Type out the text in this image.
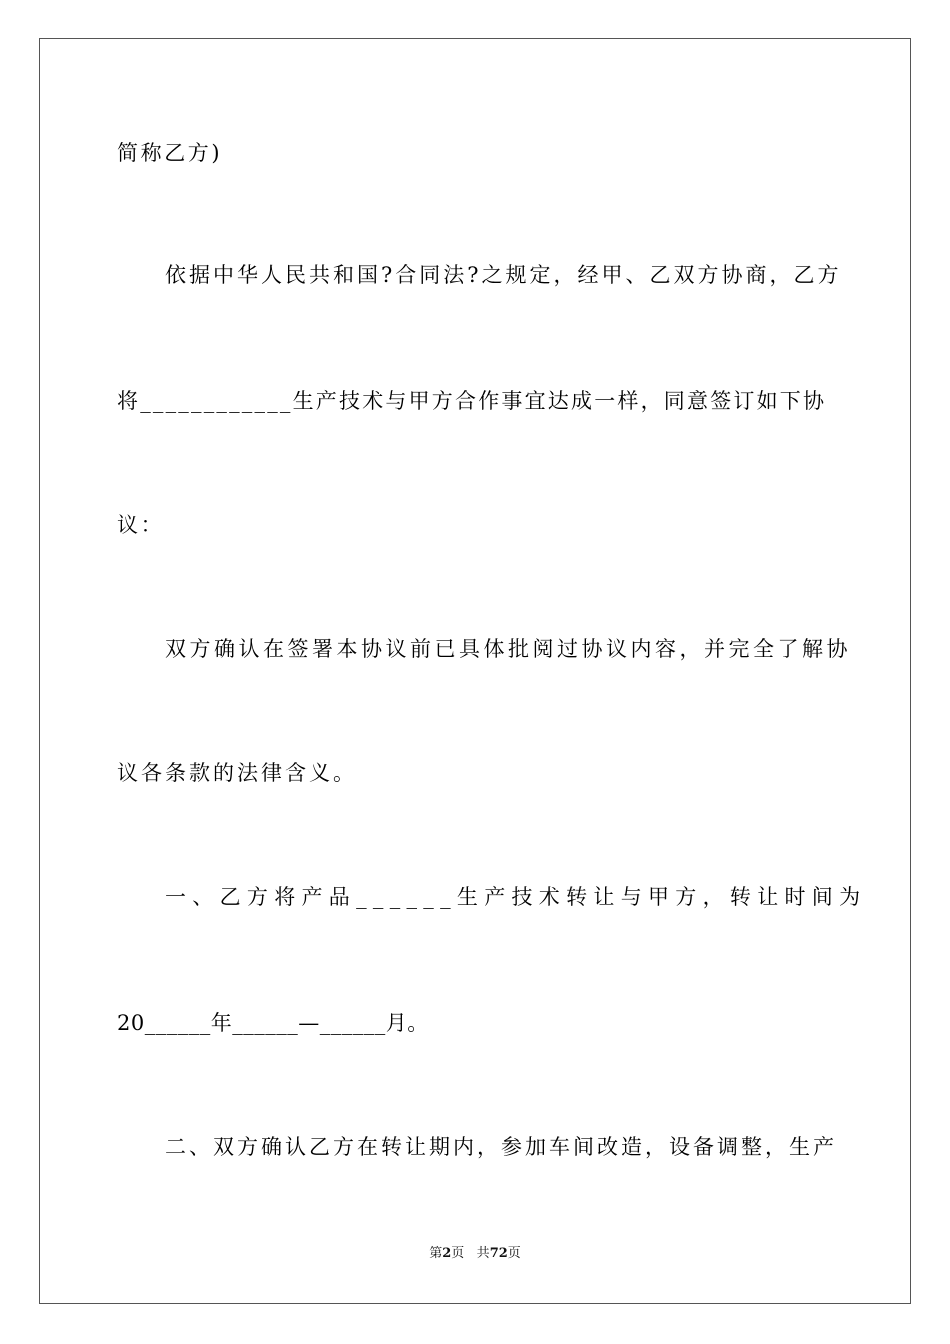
简称乙方)
依据中华人民共和国?合同法?之规定，经甲、乙双方协商，乙方
将____________生产技术与甲方合作事宜达成一样，同意签订如下协
议：
双方确认在签署本协议前已具体批阅过协议内容，并完全了解协
议各条款的法律含义。
一、乙方将产品______生产技术转让与甲方，转让时间为
20______年______—______月。
二、双方确认乙方在转让期内，参加车间改造，设备调整，生产
第2页 共72页
